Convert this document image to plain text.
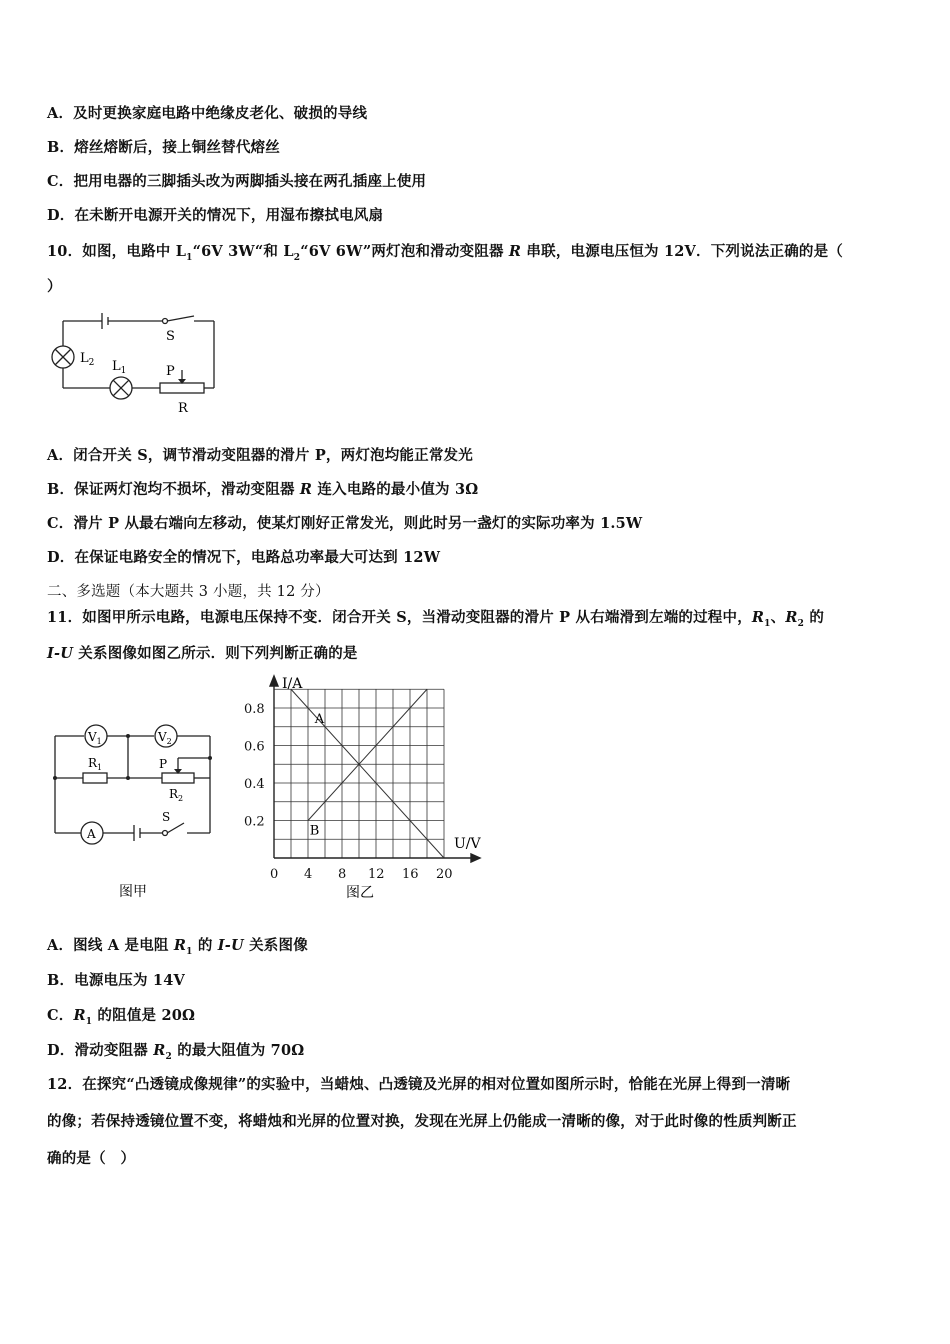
A．及时更换家庭电路中绝缘皮老化、破损的导线
B．熔丝熔断后，接上铜丝替代熔丝
C．把用电器的三脚插头改为两脚插头接在两孔插座上使用
D．在未断开电源开关的情况下，用湿布擦拭电风扇
10．如图，电路中 $L_1“6V$ 3W“和 $L_2“6V$ 6W”两灯泡和滑动变阻器 R 串联，电源电压恒为 12V．下列说法正确的是（
）
S
$L_2$ $L_1$	P
R
A．闭合开关 S，调节滑动变阻器的滑片 P，两灯泡均能正常发光
B．保证两灯泡均不损坏，滑动变阻器 R 连入电路的最小值为 3Ω
C．滑片 P 从最右端向左移动，使某灯刚好正常发光，则此时另一盏灯的实际功率为 1.5W
D．在保证电路安全的情况下，电路总功率最大可达到 12W
二、多选题（本大题共 3 小题，共 12 分）
11．如图甲所示电路，电源电压保持不变．闭合开关 S，当滑动变阻器的滑片 P 从右端滑到左端的过程中，$R_1$、$R_2$ 的
I-U 关系图像如图乙所示．则下列判断正确的是
$V_1$	$V_2$
$R_1$	P
$R_2$
A
S
图甲
0.8
0.6
0.4
0.2
0 4 8 12 16 20
I/A
U/V
A
B
图乙
A．图线 A 是电阻 $R_1$ 的 I-U 关系图像
B．电源电压为 14V
C．$R_1$ 的阻值是 20Ω
D．滑动变阻器 $R_2$ 的最大阻值为 70Ω
12．在探究“凸透镜成像规律”的实验中，当蜡烛、凸透镜及光屏的相对位置如图所示时，恰能在光屏上得到一清晰
的像；若保持透镜位置不变，将蜡烛和光屏的位置对换，发现在光屏上仍能成一清晰的像，对于此时像的性质判断正
确的是（　）
